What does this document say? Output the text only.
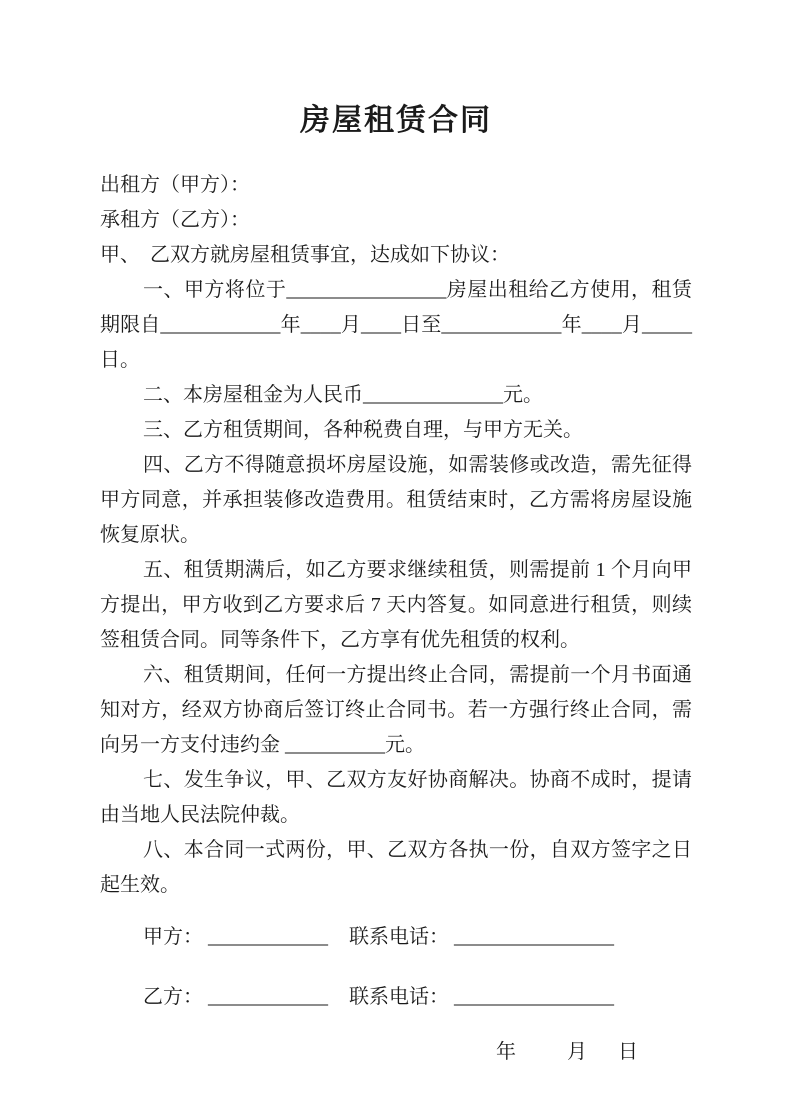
房屋租赁合同

出租方（甲方）：

承租方（乙方）：

甲、　乙双方就房屋租赁事宜，达成如下协议：

一、甲方将位于________________房屋出租给乙方使用，租赁期限自____________年____月____日至____________年____月_____日。

二、本房屋租金为人民币______________元。

三、乙方租赁期间，各种税费自理，与甲方无关。

四、乙方不得随意损坏房屋设施，如需装修或改造，需先征得甲方同意，并承担装修改造费用。租赁结束时，乙方需将房屋设施恢复原状。

五、租赁期满后，如乙方要求继续租赁，则需提前 1 个月向甲方提出，甲方收到乙方要求后 7 天内答复。如同意进行租赁，则续签租赁合同。同等条件下，乙方享有优先租赁的权利。

六、租赁期间，任何一方提出终止合同，需提前一个月书面通知对方，经双方协商后签订终止合同书。若一方强行终止合同，需向另一方支付违约金 __________元。

七、发生争议，甲、乙双方友好协商解决。协商不成时，提请由当地人民法院仲裁。

八、本合同一式两份，甲、乙双方各执一份，自双方签字之日起生效。

甲方： ____________ 联系电话： ________________
乙方： ____________ 联系电话： ________________
年	月 日
